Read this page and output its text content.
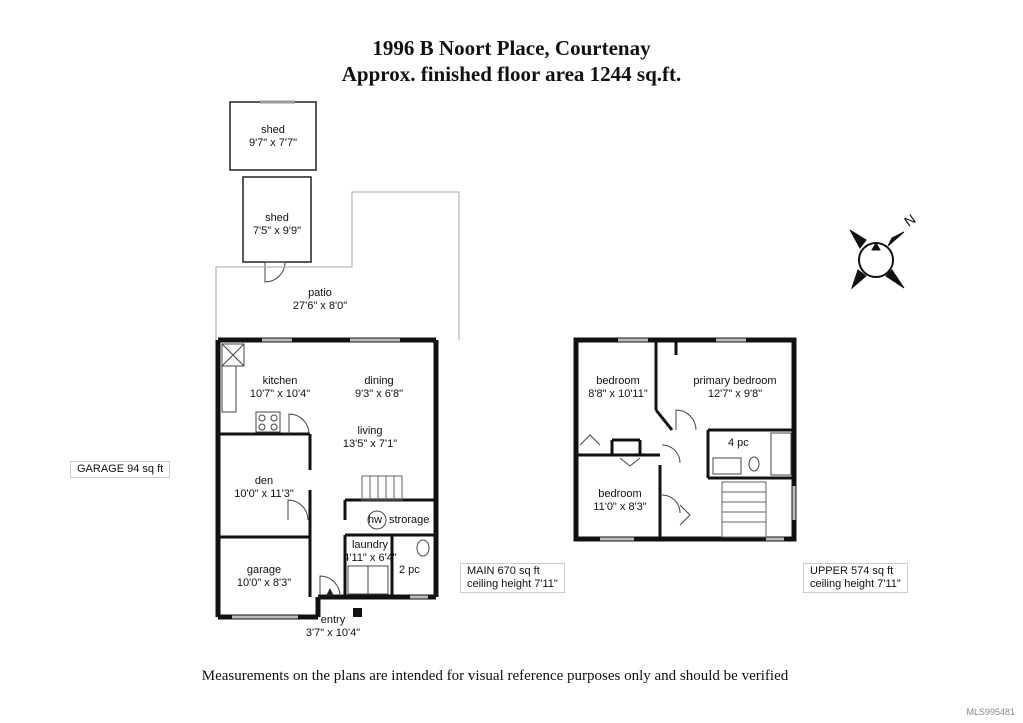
1996 B Noort Place, Courtenay
Approx. finished floor area 1244 sq.ft.
N
shed
9'7" x 7'7"
shed
7'5" x 9'9"
patio
27'6" x 8'0"
kitchen
10'7" x 10'4"
dining
9'3" x 6'8"
living
13'5" x 7'1"
den
10'0" x 11'3"
garage
10'0" x 8'3"
laundry
4'11" x 6'4"
entry
3'7" x 10'4"
hw strorage
2 pc
bedroom
8'8" x 10'11"
primary bedroom
12'7" x 9'8"
4 pc
bedroom
11'0" x 8'3"
GARAGE 94 sq ft
MAIN 670 sq ft
ceiling height 7'11"
UPPER 574 sq ft
ceiling height 7'11"
Measurements on the plans are intended for visual reference purposes only and should be verified
MLS995481
